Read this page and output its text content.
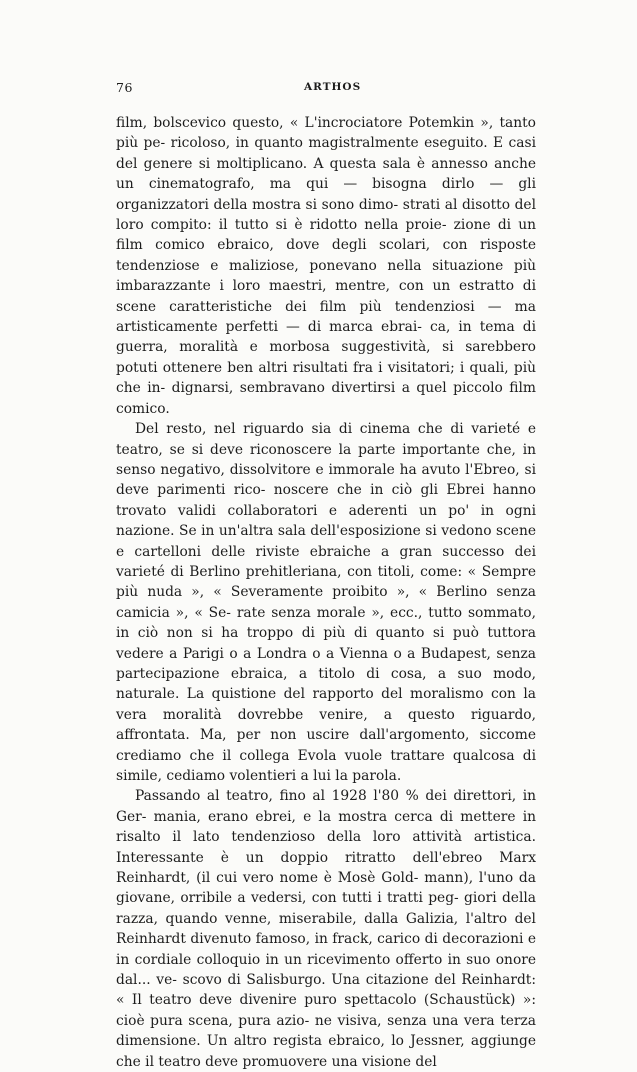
76	ARTHOS

film, bolscevico questo, « L'incrociatore Potemkin », tanto più pe- ricoloso, in quanto magistralmente eseguito. E casi del genere si moltiplicano. A questa sala è annesso anche un cinematografo, ma qui — bisogna dirlo — gli organizzatori della mostra si sono dimo- strati al disotto del loro compito: il tutto si è ridotto nella proie- zione di un film comico ebraico, dove degli scolari, con risposte tendenziose e maliziose, ponevano nella situazione più imbarazzante i loro maestri, mentre, con un estratto di scene caratteristiche dei film più tendenziosi — ma artisticamente perfetti — di marca ebrai- ca, in tema di guerra, moralità e morbosa suggestività, si sarebbero potuti ottenere ben altri risultati fra i visitatori; i quali, più che in- dignarsi, sembravano divertirsi a quel piccolo film comico.

Del resto, nel riguardo sia di cinema che di varieté e teatro, se si deve riconoscere la parte importante che, in senso negativo, dissolvitore e immorale ha avuto l'Ebreo, si deve parimenti rico- noscere che in ciò gli Ebrei hanno trovato validi collaboratori e aderenti un po' in ogni nazione. Se in un'altra sala dell'esposizione si vedono scene e cartelloni delle riviste ebraiche a gran successo dei varieté di Berlino prehitleriana, con titoli, come: « Sempre più nuda », « Severamente proibito », « Berlino senza camicia », « Se- rate senza morale », ecc., tutto sommato, in ciò non si ha troppo di più di quanto si può tuttora vedere a Parigi o a Londra o a Vienna o a Budapest, senza partecipazione ebraica, a titolo di cosa, a suo modo, naturale. La quistione del rapporto del moralismo con la vera moralità dovrebbe venire, a questo riguardo, affrontata. Ma, per non uscire dall'argomento, siccome crediamo che il collega Evola vuole trattare qualcosa di simile, cediamo volentieri a lui la parola.

Passando al teatro, fino al 1928 l'80 % dei direttori, in Ger- mania, erano ebrei, e la mostra cerca di mettere in risalto il lato tendenzioso della loro attività artistica. Interessante è un doppio ritratto dell'ebreo Marx Reinhardt, (il cui vero nome è Mosè Gold- mann), l'uno da giovane, orribile a vedersi, con tutti i tratti peg- giori della razza, quando venne, miserabile, dalla Galizia, l'altro del Reinhardt divenuto famoso, in frack, carico di decorazioni e in cordiale colloquio in un ricevimento offerto in suo onore dal... ve- scovo di Salisburgo. Una citazione del Reinhardt: « Il teatro deve divenire puro spettacolo (Schaustück) »: cioè pura scena, pura azio- ne visiva, senza una vera terza dimensione. Un altro regista ebraico, lo Jessner, aggiunge che il teatro deve promuovere una visione del
